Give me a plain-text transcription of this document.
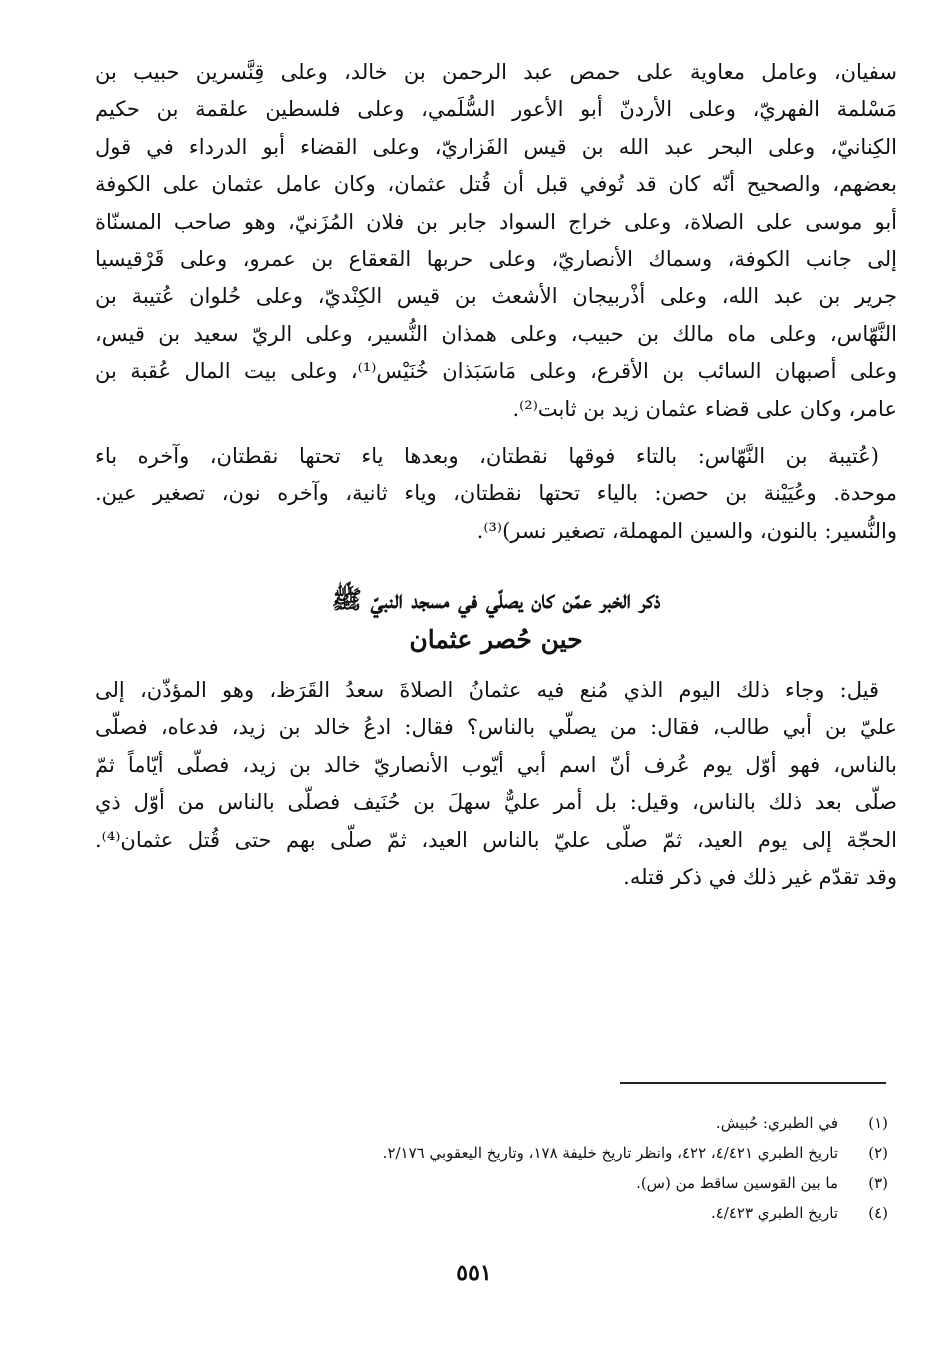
سفيان، وعامل معاوية على حمص عبد الرحمن بن خالد، وعلى قِنَّسرين حبيب بن
مَسْلمة الفهريّ، وعلى الأردنّ أبو الأعور السُّلَمي، وعلى فلسطين علقمة بن حكيم
الكِنانيّ، وعلى البحر عبد الله بن قيس الفَزاريّ، وعلى القضاء أبو الدرداء في قول
بعضهم، والصحيح أنّه كان قد تُوفي قبل أن قُتل عثمان، وكان عامل عثمان على الكوفة
أبو موسى على الصلاة، وعلى خراج السواد جابر بن فلان المُزَنيّ، وهو صاحب المسنّاة
إلى جانب الكوفة، وسماك الأنصاريّ، وعلى حربها القعقاع بن عمرو، وعلى قَرْقيسيا
جرير بن عبد الله، وعلى أذْربيجان الأشعث بن قيس الكِنْديّ، وعلى حُلوان عُتيبة بن
النَّهّاس، وعلى ماه مالك بن حبيب، وعلى همذان النُّسير، وعلى الريّ سعيد بن قيس،
وعلى أصبهان السائب بن الأقرع، وعلى مَاسَبَذان خُنَيْس⁽¹⁾، وعلى بيت المال عُقبة بن
عامر، وكان على قضاء عثمان زيد بن ثابت⁽²⁾.
(عُتيبة بن النَّهّاس: بالتاء فوقها نقطتان، وبعدها ياء تحتها نقطتان، وآخره باء
موحدة. وعُيَيْنة بن حصن: بالياء تحتها نقطتان، وياء ثانية، وآخره نون، تصغير عين.
والنُّسير: بالنون، والسين المهملة، تصغير نسر)⁽³⁾.
ذكر الخبر عمّن كان يصلّي في مسجد النبيّ ﷺ
حين حُصر عثمان
قيل: وجاء ذلك اليوم الذي مُنع فيه عثمانُ الصلاةَ سعدُ القَرَظ، وهو المؤذّن، إلى
عليّ بن أبي طالب، فقال: من يصلّي بالناس؟ فقال: ادعُ خالد بن زيد، فدعاه، فصلّى
بالناس، فهو أوّل يوم عُرف أنّ اسم أبي أيّوب الأنصاريّ خالد بن زيد، فصلّى أيّاماً ثمّ
صلّى بعد ذلك بالناس، وقيل: بل أمر عليٌّ سهلَ بن حُنَيف فصلّى بالناس من أوّل ذي
الحجّة إلى يوم العيد، ثمّ صلّى عليّ بالناس العيد، ثمّ صلّى بهم حتى قُتل عثمان⁽⁴⁾.
وقد تقدّم غير ذلك في ذكر قتله.
(١)في الطبري: حُبيش.
(٢)تاريخ الطبري ٤/٤٢١، ٤٢٢، وانظر تاريخ خليفة ١٧٨، وتاريخ اليعقوبي ٢/١٧٦.
(٣)ما بين القوسين ساقط من (س).
(٤)تاريخ الطبري ٤/٤٢٣.
٥٥١
